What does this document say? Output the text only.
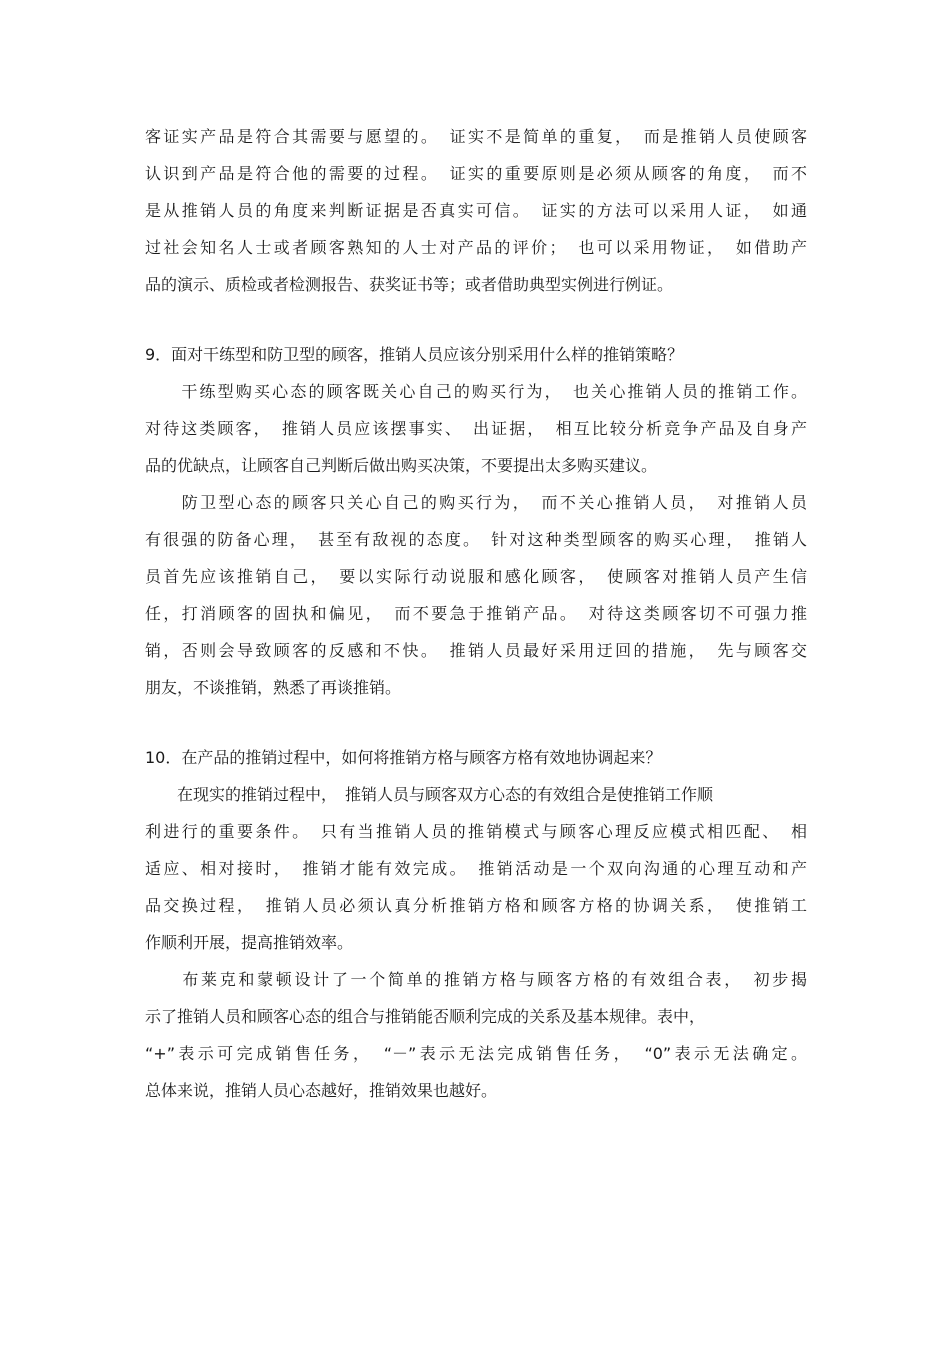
客证实产品是符合其需要与愿望的。　证实不是简单的重复，　而是推销人员使顾客
认识到产品是符合他的需要的过程。　证实的重要原则是必须从顾客的角度，　而不
是从推销人员的角度来判断证据是否真实可信。　证实的方法可以采用人证，　如通
过社会知名人士或者顾客熟知的人士对产品的评价；　也可以采用物证，　如借助产
品的演示、质检或者检测报告、获奖证书等；或者借助典型实例进行例证。
9．面对干练型和防卫型的顾客，推销人员应该分别采用什么样的推销策略？
　　干练型购买心态的顾客既关心自己的购买行为，　也关心推销人员的推销工作。
对待这类顾客，　推销人员应该摆事实、　出证据，　相互比较分析竞争产品及自身产
品的优缺点，让顾客自己判断后做出购买决策，不要提出太多购买建议。
　　防卫型心态的顾客只关心自己的购买行为，　而不关心推销人员，　对推销人员
有很强的防备心理，　甚至有敌视的态度。　针对这种类型顾客的购买心理，　推销人
员首先应该推销自己，　要以实际行动说服和感化顾客，　使顾客对推销人员产生信
任，打消顾客的固执和偏见，　而不要急于推销产品。　对待这类顾客切不可强力推
销，否则会导致顾客的反感和不快。　推销人员最好采用迂回的措施，　先与顾客交
朋友，不谈推销，熟悉了再谈推销。
10．在产品的推销过程中，如何将推销方格与顾客方格有效地协调起来？
　　在现实的推销过程中，　推销人员与顾客双方心态的有效组合是使推销工作顺
利进行的重要条件。　只有当推销人员的推销模式与顾客心理反应模式相匹配、　相
适应、相对接时，　推销才能有效完成。　推销活动是一个双向沟通的心理互动和产
品交换过程，　推销人员必须认真分析推销方格和顾客方格的协调关系，　使推销工
作顺利开展，提高推销效率。
　　布莱克和蒙顿设计了一个简单的推销方格与顾客方格的有效组合表，　初步揭
示了推销人员和顾客心态的组合与推销能否顺利完成的关系及基本规律。表中，
“+”表示可完成销售任务，　“－”表示无法完成销售任务，　“0”表示无法确定。
总体来说，推销人员心态越好，推销效果也越好。
